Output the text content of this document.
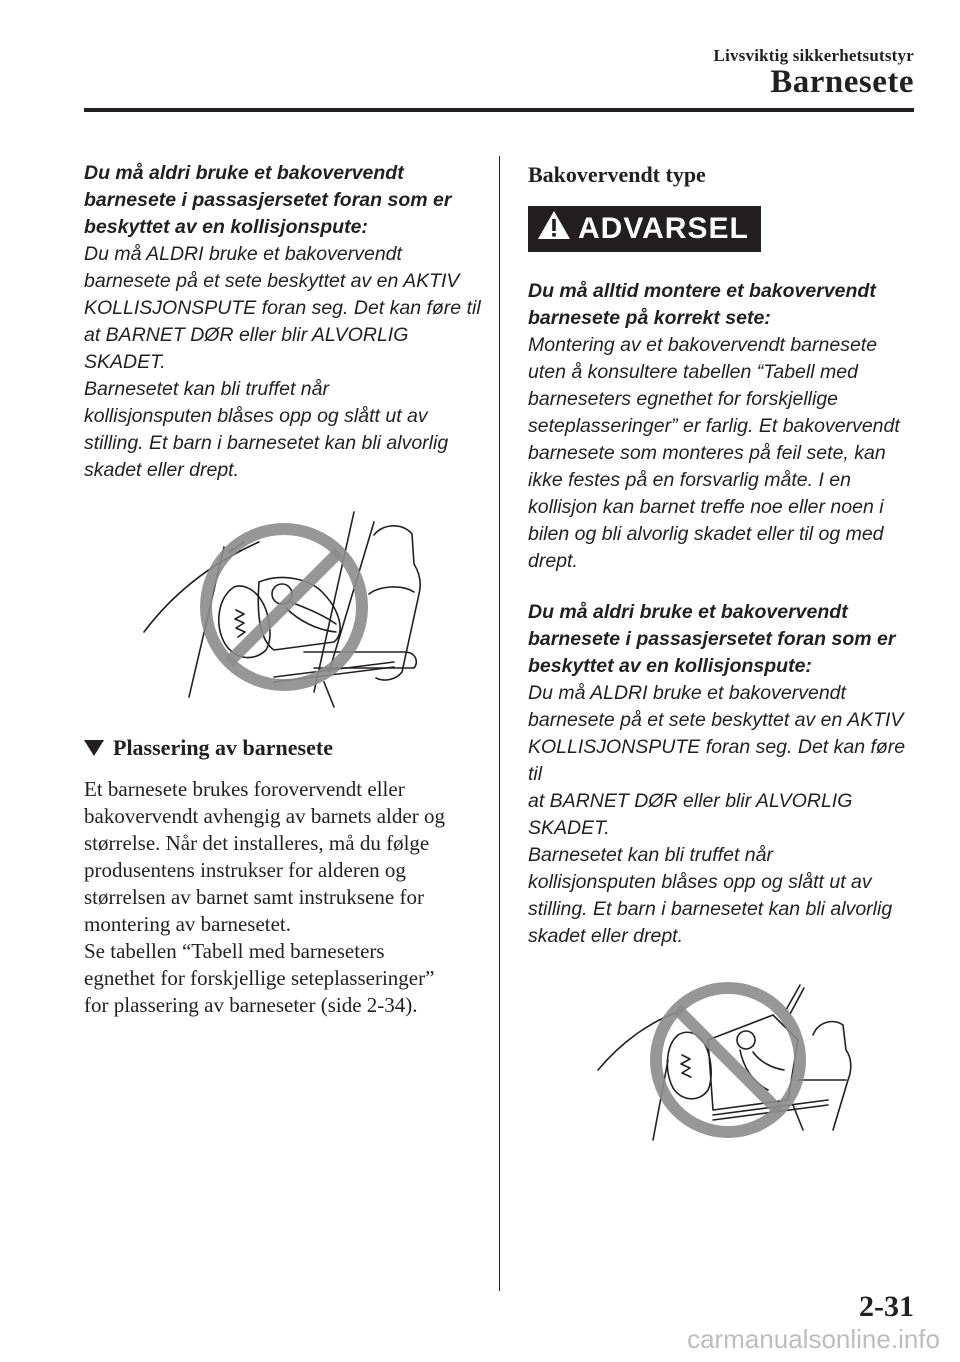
Livsviktig sikkerhetsutstyr
Barnesete

Du må aldri bruke et bakovervendt
barnesete i passasjersetet foran som er
beskyttet av en kollisjonspute:

Du må ALDRI bruke et bakovervendt
barnesete på et sete beskyttet av en AKTIV
KOLLISJONSPUTE foran seg. Det kan føre til
at BARNET DØR eller blir ALVORLIG
SKADET.
Barnesetet kan bli truffet når
kollisjonsputen blåses opp og slått ut av
stilling. Et barn i barnesetet kan bli alvorlig
skadet eller drept.

Plassering av barnesete

Et barnesete brukes forovervendt eller
bakovervendt avhengig av barnets alder og
størrelse. Når det installeres, må du følge
produsentens instrukser for alderen og
størrelsen av barnet samt instruksene for
montering av barnesetet.
Se tabellen “Tabell med barneseters
egnethet for forskjellige seteplasseringer”
for plassering av barneseter (side 2-34).

Bakovervendt type

ADVARSEL

Du må alltid montere et bakovervendt
barnesete på korrekt sete:

Montering av et bakovervendt barnesete
uten å konsultere tabellen “Tabell med
barneseters egnethet for forskjellige
seteplasseringer” er farlig. Et bakovervendt
barnesete som monteres på feil sete, kan
ikke festes på en forsvarlig måte. I en
kollisjon kan barnet treffe noe eller noen i
bilen og bli alvorlig skadet eller til og med
drept.

Du må aldri bruke et bakovervendt
barnesete i passasjersetet foran som er
beskyttet av en kollisjonspute:

Du må ALDRI bruke et bakovervendt
barnesete på et sete beskyttet av en AKTIV
KOLLISJONSPUTE foran seg. Det kan føre til
at BARNET DØR eller blir ALVORLIG
SKADET.
Barnesetet kan bli truffet når
kollisjonsputen blåses opp og slått ut av
stilling. Et barn i barnesetet kan bli alvorlig
skadet eller drept.

2-31
carmanualsonline.info
